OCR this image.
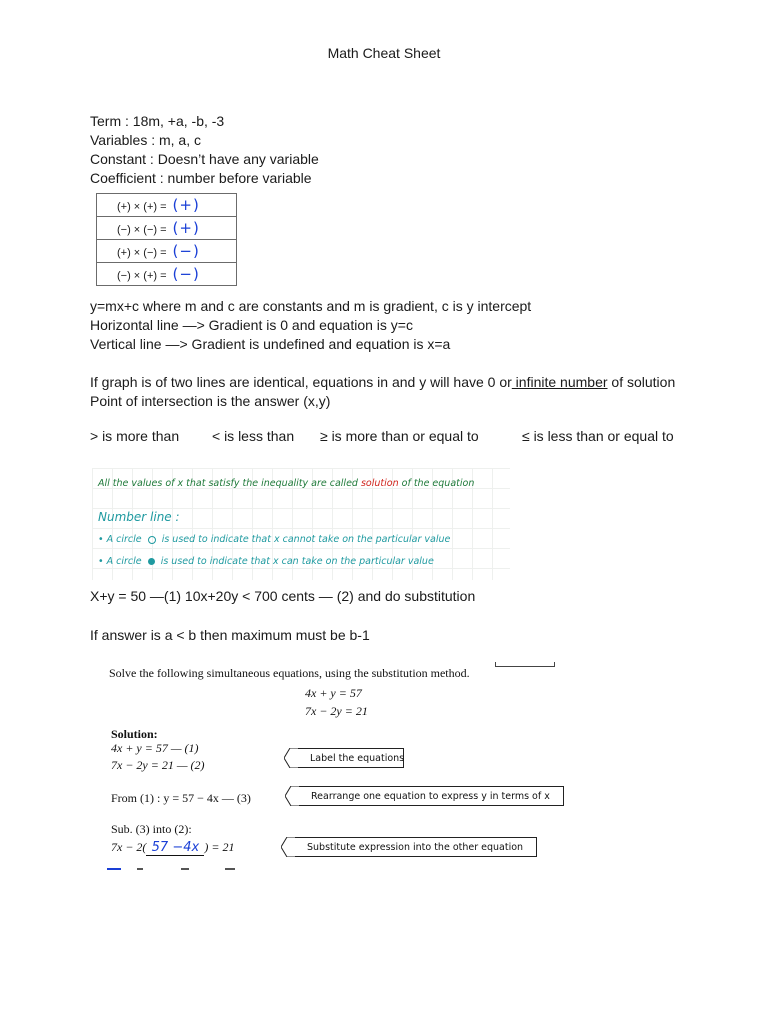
Math Cheat Sheet
Term : 18m, +a, -b, -3
Variables : m, a, c
Constant : Doesn’t have any variable
Coefficient : number before variable
(+) × (+) = (+)
(−) × (−) = (+)
(+) × (−) = (−)
(−) × (+) = (−)
y=mx+c where m and c are constants and m is gradient, c is y intercept
Horizontal line —> Gradient is 0 and equation is y=c
Vertical line —> Gradient is undefined and equation is x=a
If graph is of two lines are identical, equations in and y will have 0 or infinite number of solution
Point of intersection is the answer (x,y)
> is more than < is less than ≥ is more than or equal to	≤ is less than or equal to
All the values of x that satisfy the inequality are called solution of the equation
Number line :
• A circle is used to indicate that x cannot take on the particular value
• A circle is used to indicate that x can take on the particular value
X+y = 50 —(1) 10x+20y < 700 cents — (2) and do substitution
If answer is a < b then maximum must be b-1
Solve the following simultaneous equations, using the substitution method.
4x + y = 57
7x − 2y = 21
Solution:
4x + y = 57 — (1)
7x − 2y = 21 — (2)	Label the equations
From (1) : y = 57 − 4x — (3)	Rearrange one equation to express y in terms of x
Sub. (3) into (2):
7x − 2( 57 −4x ) = 21	Substitute expression into the other equation
